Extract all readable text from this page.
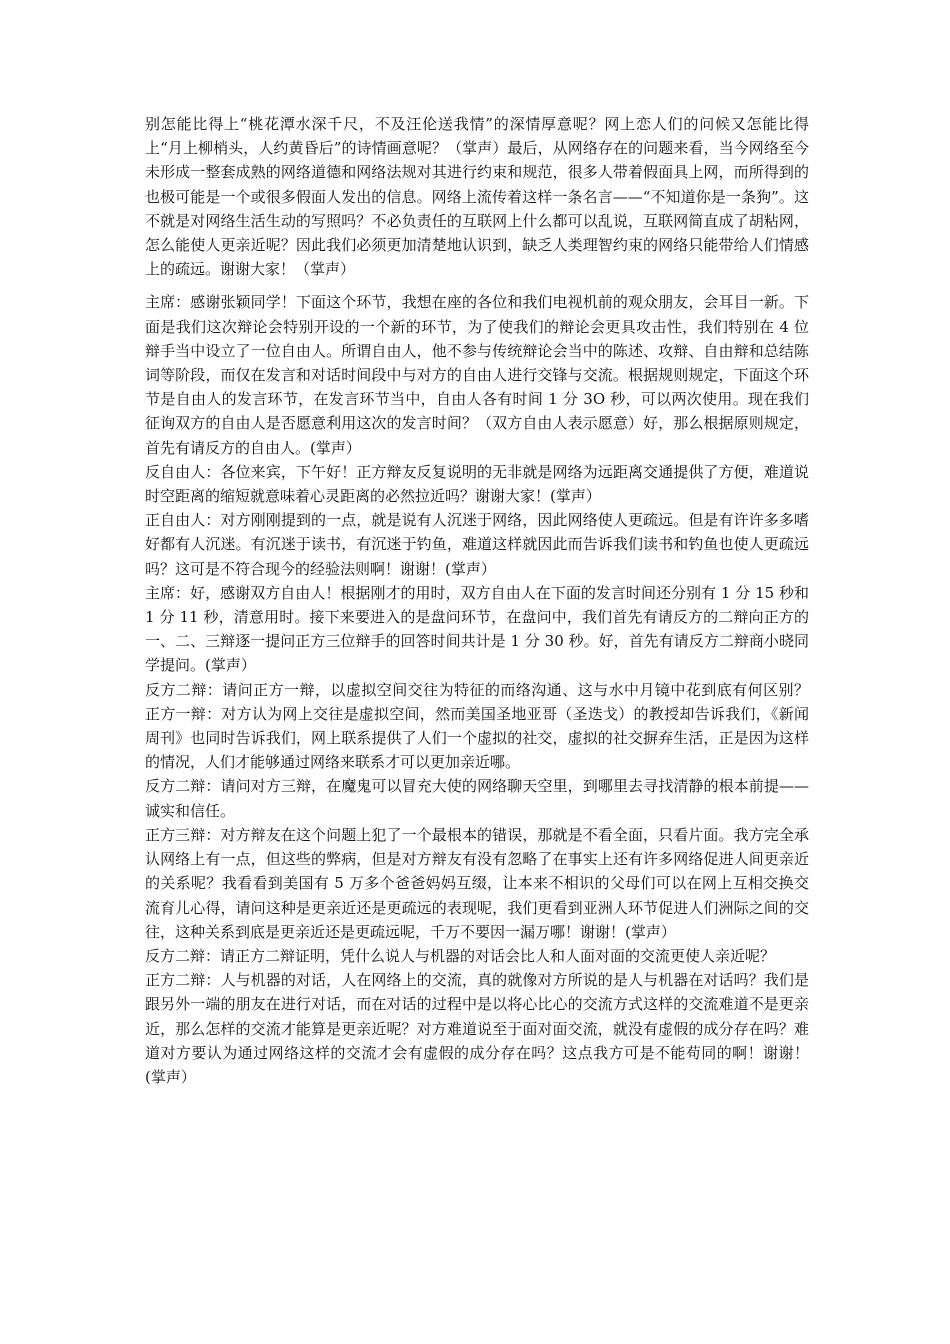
别怎能比得上“桃花潭水深千尺，不及汪伦送我情”的深情厚意呢？网上恋人们的问候又怎能比得上“月上柳梢头，人约黄昏后”的诗情画意呢？（掌声）最后，从网络存在的问题来看，当今网络至今未形成一整套成熟的网络道德和网络法规对其进行约束和规范，很多人带着假面具上网，而所得到的也极可能是一个或很多假面人发出的信息。网络上流传着这样一条名言——“不知道你是一条狗”。这不就是对网络生活生动的写照吗？不必负责任的互联网上什么都可以乱说，互联网简直成了胡粘网，怎么能使人更亲近呢？因此我们必须更加清楚地认识到，缺乏人类理智约束的网络只能带给人们情感上的疏远。谢谢大家！（掌声）

主席：感谢张颖同学！下面这个环节，我想在座的各位和我们电视机前的观众朋友，会耳目一新。下面是我们这次辩论会特别开设的一个新的环节，为了使我们的辩论会更具攻击性，我们特别在 4 位辩手当中设立了一位自由人。所谓自由人，他不参与传统辩论会当中的陈述、攻辩、自由辩和总结陈词等阶段，而仅在发言和对话时间段中与对方的自由人进行交锋与交流。根据规则规定，下面这个环节是自由人的发言环节，在发言环节当中，自由人各有时间 1 分 3O 秒，可以两次使用。现在我们征询双方的自由人是否愿意利用这次的发言时间？（双方自由人表示愿意）好，那么根据原则规定，首先有请反方的自由人。(掌声）

反自由人：各位来宾，下午好！正方辩友反复说明的无非就是网络为远距离交通提供了方便，难道说时空距离的缩短就意味着心灵距离的必然拉近吗？谢谢大家！(掌声）

正自由人：对方刚刚提到的一点，就是说有人沉迷于网络，因此网络使人更疏远。但是有许许多多嗜好都有人沉迷。有沉迷于读书，有沉迷于钓鱼，难道这样就因此而告诉我们读书和钓鱼也使人更疏远吗？这可是不符合现今的经验法则啊！谢谢！(掌声）

主席：好，感谢双方自由人！根据刚才的用时，双方自由人在下面的发言时间还分别有 1 分 15 秒和 1 分 11 秒，清意用时。接下来要进入的是盘问环节，在盘问中，我们首先有请反方的二辩向正方的一、二、三辩逐一提问正方三位辩手的回答时间共计是 1 分 30 秒。好，首先有请反方二辩商小晓同学提问。(掌声）

反方二辩：请问正方一辩，以虚拟空间交往为特征的而络沟通、这与水中月镜中花到底有何区别？ 正方一辩：对方认为网上交往是虚拟空间，然而美国圣地亚哥（圣迭戈）的教授却告诉我们，《新闻周刊》也同时告诉我们，网上联系提供了人们一个虚拟的社交，虚拟的社交摒弃生活，正是因为这样的情况，人们才能够通过网络来联系才可以更加亲近哪。

反方二辩：请问对方三辩，在魔鬼可以冒充大使的网络聊天空里，到哪里去寻找清静的根本前提——诚实和信任。

正方三辩：对方辩友在这个问题上犯了一个最根本的错误，那就是不看全面，只看片面。我方完全承认网络上有一点，但这些的弊病，但是对方辩友有没有忽略了在事实上还有许多网络促进人间更亲近的关系呢？我看看到美国有 5 万多个爸爸妈妈互缀，让本来不相识的父母们可以在网上互相交换交流育儿心得，请问这种是更亲近还是更疏远的表现呢，我们更看到亚洲人环节促进人们洲际之间的交往，这种关系到底是更亲近还是更疏远呢，千万不要因一漏万哪！谢谢！(掌声）

反方二辩：请正方二辩证明，凭什么说人与机器的对话会比人和人面对面的交流更使人亲近呢？

正方二辩：人与机器的对话，人在网络上的交流，真的就像对方所说的是人与机器在对话吗？我们是跟另外一端的朋友在进行对话，而在对话的过程中是以将心比心的交流方式这样的交流难道不是更亲近，那么怎样的交流才能算是更亲近呢？对方难道说至于面对面交流，就没有虚假的成分存在吗？难道对方要认为通过网络这样的交流才会有虚假的成分存在吗？这点我方可是不能苟同的啊！谢谢！(掌声）
